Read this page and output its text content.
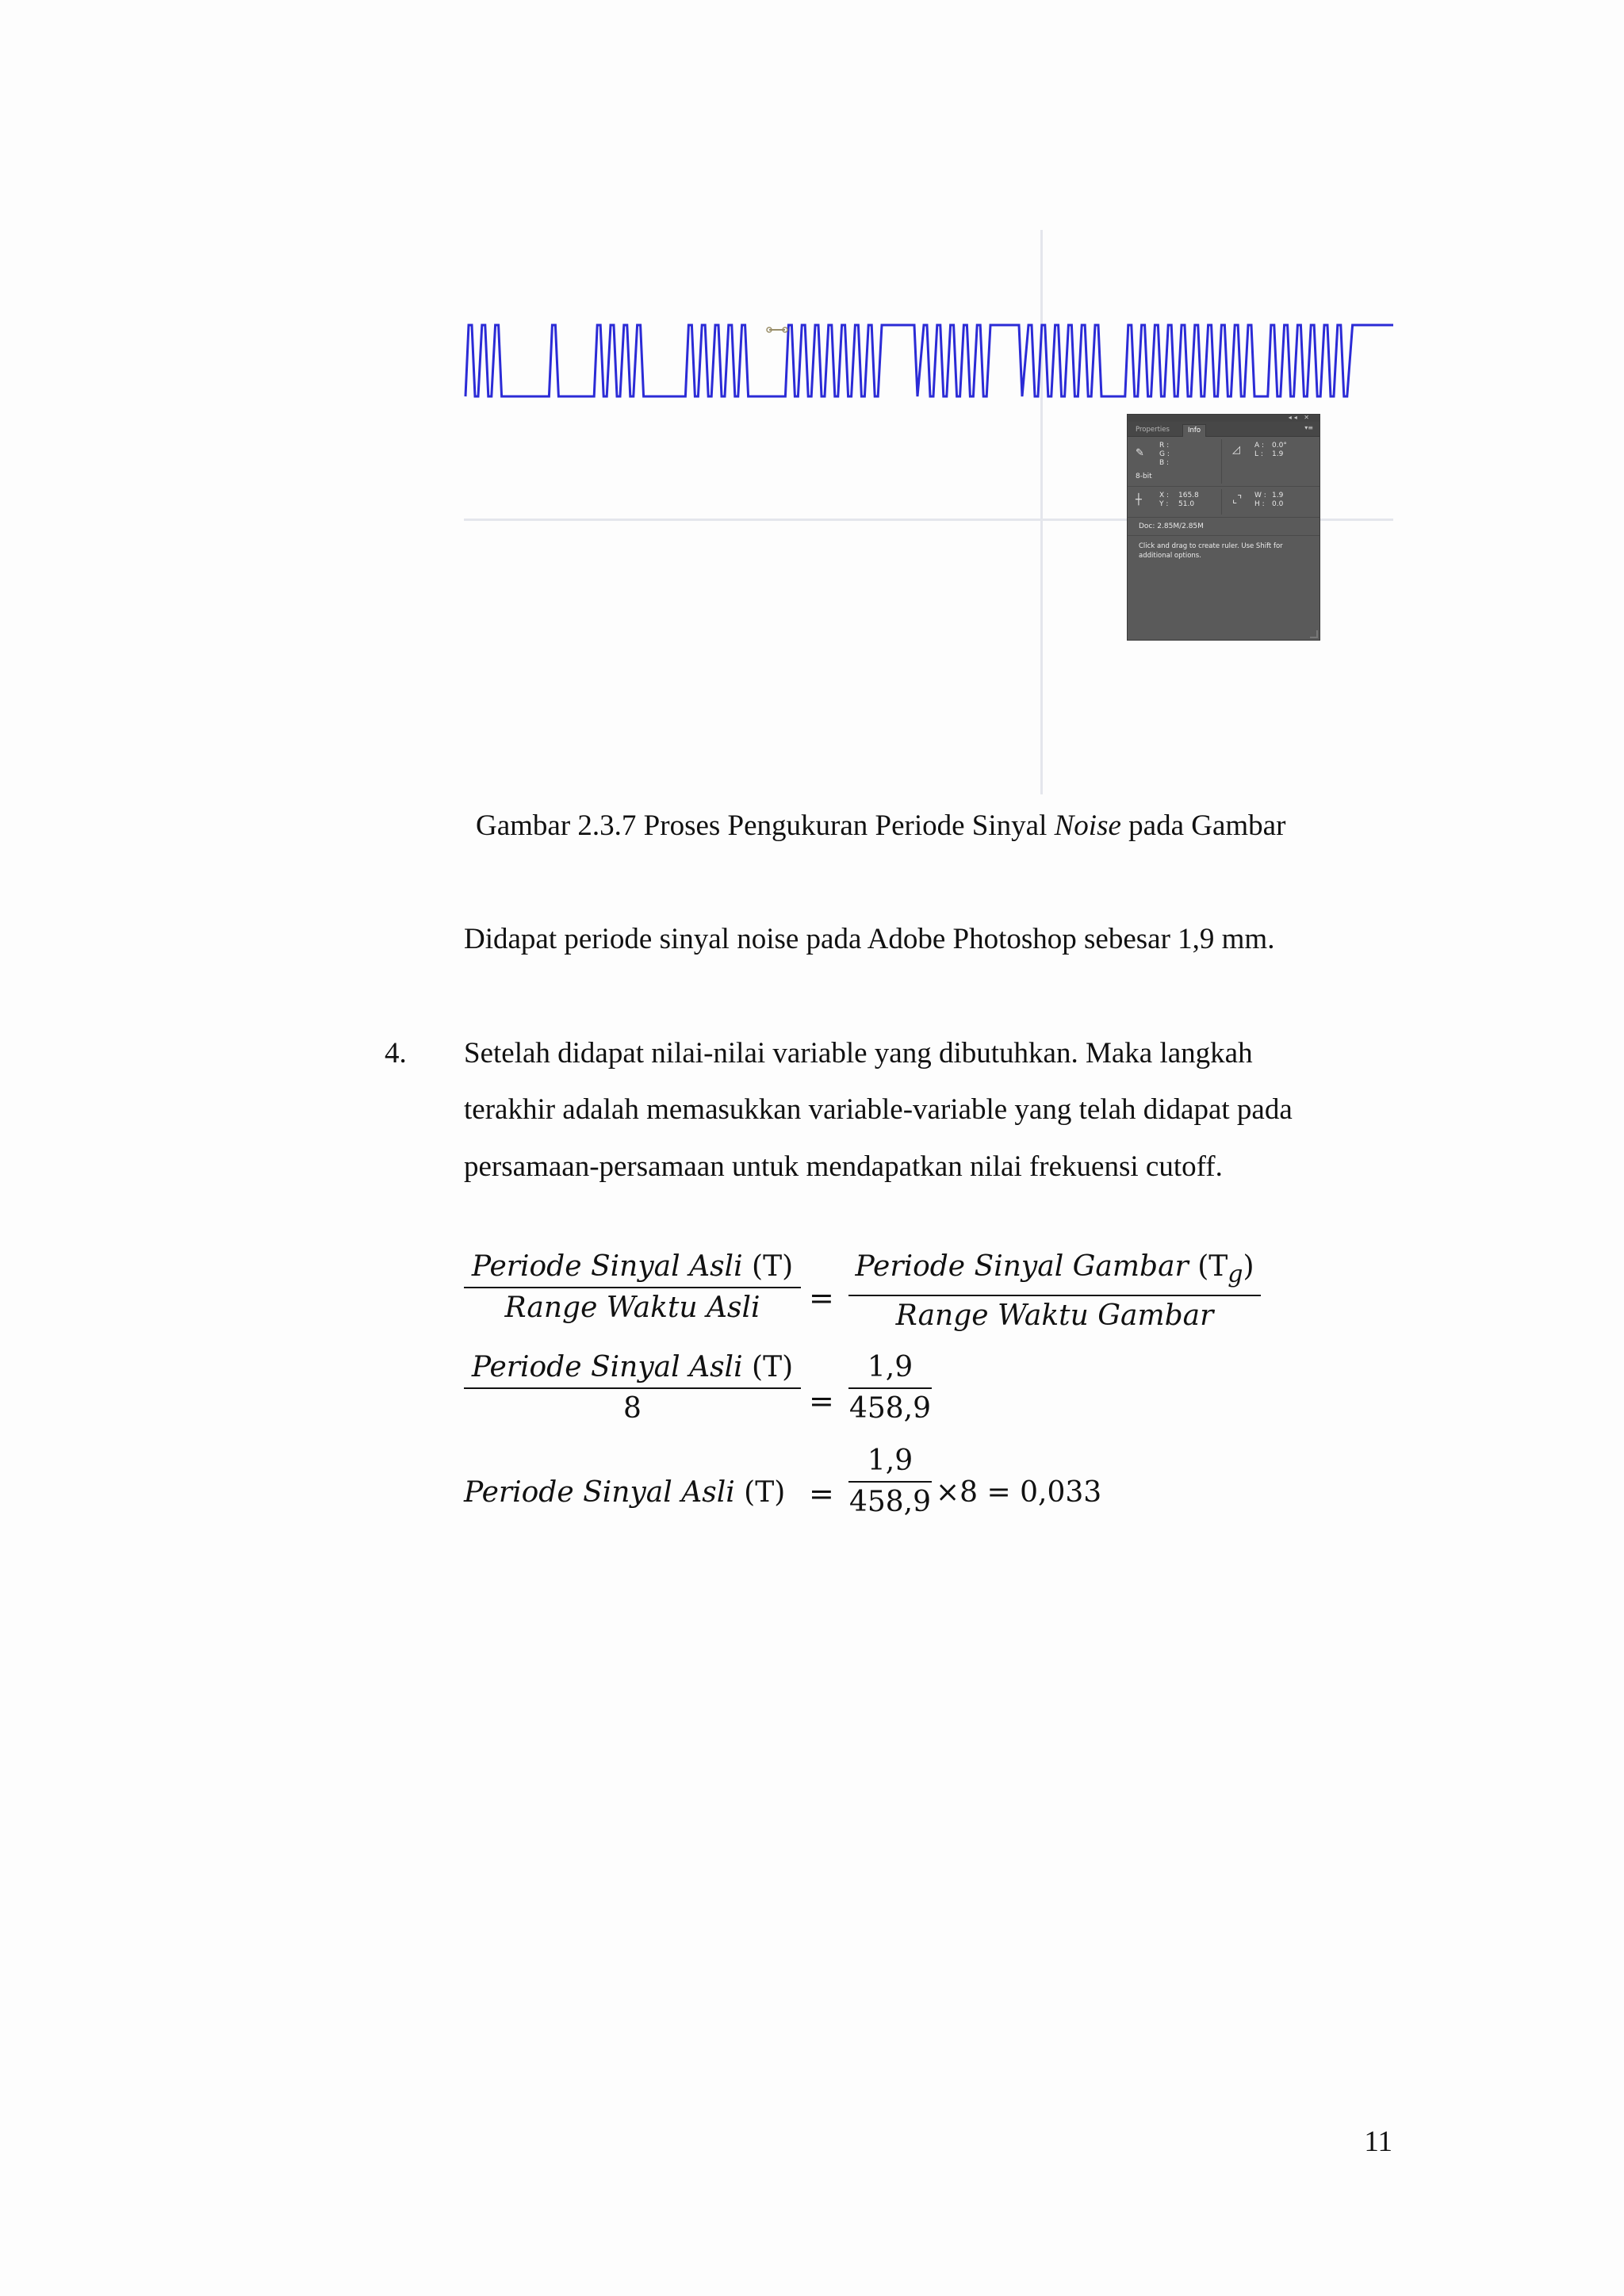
◂◂ ✕
Properties	Info	▾≡
✎
R :
G :
B :
8-bit
◿ A : 0.0°
L : 1.9
┼ X : 165.8
Y : 51.0	⌞⌝ W : 1.9
H : 0.0
Doc: 2.85M/2.85M
Click and drag to create ruler. Use Shift for additional options.
Gambar 2.3.7 Proses Pengukuran Periode Sinyal Noise pada Gambar
Didapat periode sinyal noise pada Adobe Photoshop sebesar 1,9 mm.
4. Setelah didapat nilai-nilai variable yang dibutuhkan. Maka langkah
terakhir adalah memasukkan variable-variable yang telah didapat pada
persamaan-persamaan untuk mendapatkan nilai frekuensi cutoff.
Periode Sinyal Asli (T)
Range Waktu Asli	=
Periode Sinyal Gambar $(T_g)$
Range Waktu Gambar
Periode Sinyal Asli (T)
8	=
1,9
458,9
Periode Sinyal Asli (T) =
1,9
458,9 ×8 = 0,033
11
